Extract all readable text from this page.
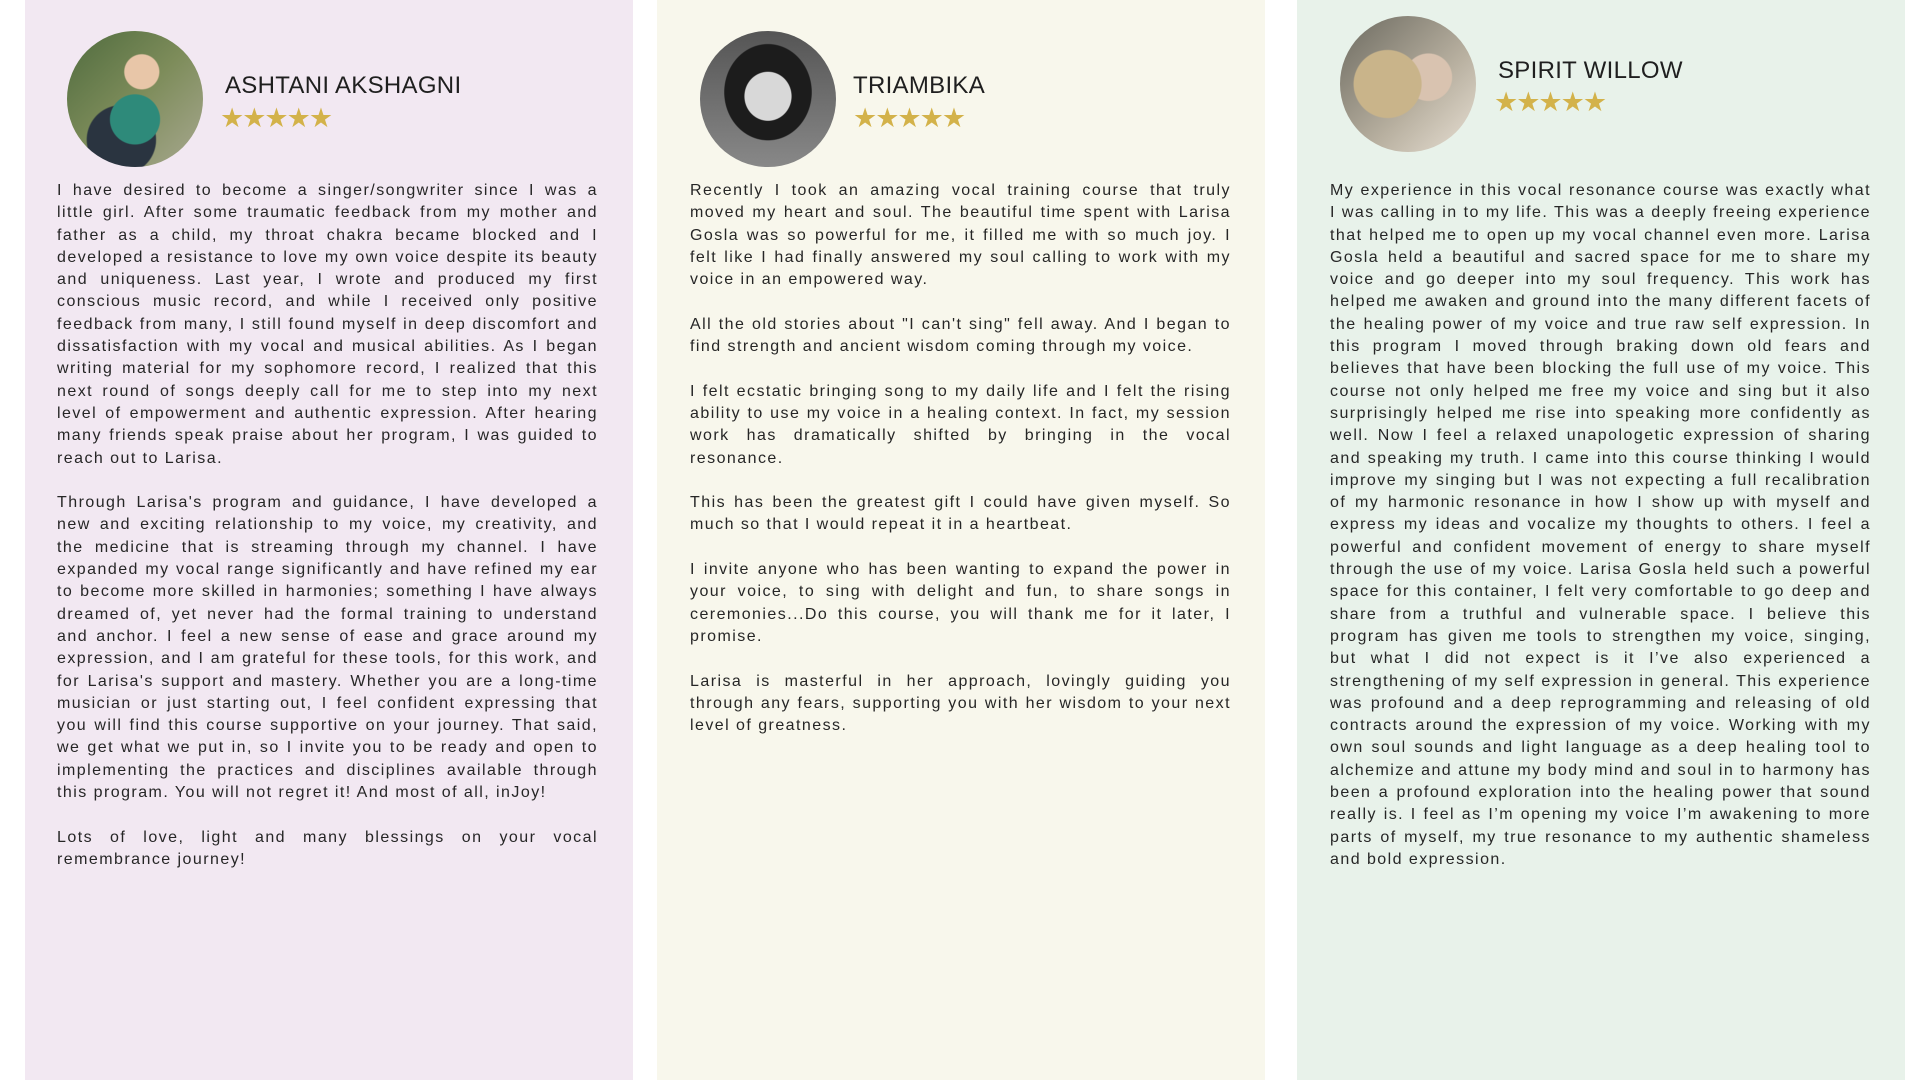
ASHTANI AKSHAGNI
★★★★★

I have desired to become a singer/songwriter since I was a little girl. After some traumatic feedback from my mother and father as a child, my throat chakra became blocked and I developed a resistance to love my own voice despite its beauty and uniqueness. Last year, I wrote and produced my first conscious music record, and while I received only positive feedback from many, I still found myself in deep discomfort and dissatisfaction with my vocal and musical abilities. As I began writing material for my sophomore record, I realized that this next round of songs deeply call for me to step into my next level of empowerment and authentic expression. After hearing many friends speak praise about her program, I was guided to reach out to Larisa.

Through Larisa's program and guidance, I have developed a new and exciting relationship to my voice, my creativity, and the medicine that is streaming through my channel. I have expanded my vocal range significantly and have refined my ear to become more skilled in harmonies; something I have always dreamed of, yet never had the formal training to understand and anchor. I feel a new sense of ease and grace around my expression, and I am grateful for these tools, for this work, and for Larisa's support and mastery. Whether you are a long-time musician or just starting out, I feel confident expressing that you will find this course supportive on your journey. That said, we get what we put in, so I invite you to be ready and open to implementing the practices and disciplines available through this program. You will not regret it! And most of all, inJoy!

Lots of love, light and many blessings on your vocal remembrance journey!

TRIAMBIKA
★★★★★

Recently I took an amazing vocal training course that truly moved my heart and soul. The beautiful time spent with Larisa Gosla was so powerful for me, it filled me with so much joy. I felt like I had finally answered my soul calling to work with my voice in an empowered way.

All the old stories about "I can't sing" fell away. And I began to find strength and ancient wisdom coming through my voice.

I felt ecstatic bringing song to my daily life and I felt the rising ability to use my voice in a healing context. In fact, my session work has dramatically shifted by bringing in the vocal resonance.

This has been the greatest gift I could have given myself. So much so that I would repeat it in a heartbeat.

I invite anyone who has been wanting to expand the power in your voice, to sing with delight and fun, to share songs in ceremonies...Do this course, you will thank me for it later, I promise.

Larisa is masterful in her approach, lovingly guiding you through any fears, supporting you with her wisdom to your next level of greatness.

SPIRIT WILLOW
★★★★★

My experience in this vocal resonance course was exactly what I was calling in to my life. This was a deeply freeing experience that helped me to open up my vocal channel even more. Larisa Gosla held a beautiful and sacred space for me to share my voice and go deeper into my soul frequency. This work has helped me awaken and ground into the many different facets of the healing power of my voice and true raw self expression. In this program I moved through braking down old fears and believes that have been blocking the full use of my voice. This course not only helped me free my voice and sing but it also surprisingly helped me rise into speaking more confidently as well. Now I feel a relaxed unapologetic expression of sharing and speaking my truth. I came into this course thinking I would improve my singing but I was not expecting a full recalibration of my harmonic resonance in how I show up with myself and express my ideas and vocalize my thoughts to others. I feel a powerful and confident movement of energy to share myself through the use of my voice. Larisa Gosla held such a powerful space for this container, I felt very comfortable to go deep and share from a truthful and vulnerable space. I believe this program has given me tools to strengthen my voice, singing, but what I did not expect is it I’ve also experienced a strengthening of my self expression in general. This experience was profound and a deep reprogramming and releasing of old contracts around the expression of my voice. Working with my own soul sounds and light language as a deep healing tool to alchemize and attune my body mind and soul in to harmony has been a profound exploration into the healing power that sound really is. I feel as I’m opening my voice I’m awakening to more parts of myself, my true resonance to my authentic shameless and bold expression.
